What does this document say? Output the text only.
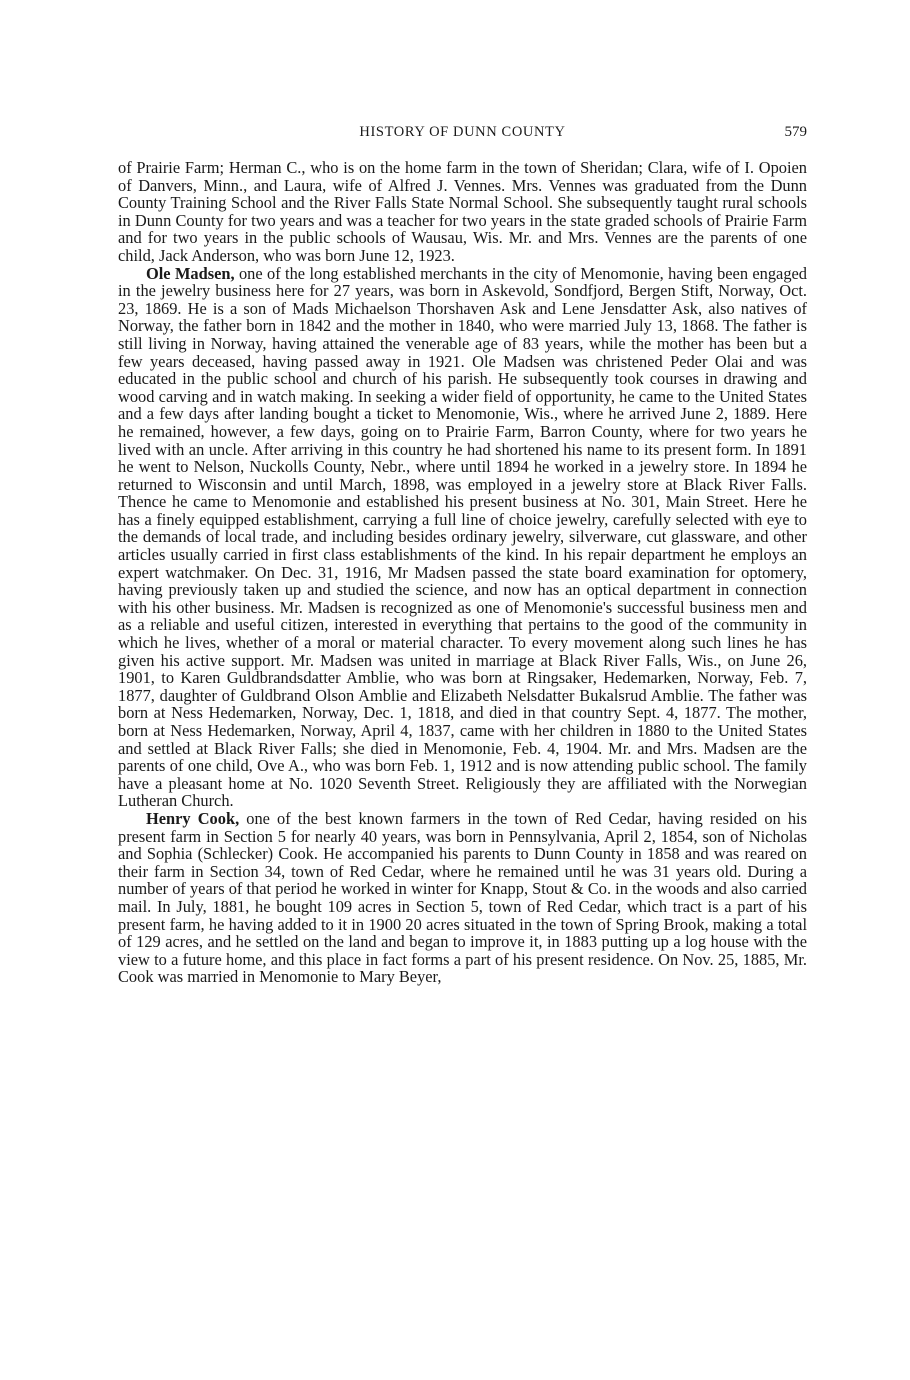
HISTORY OF DUNN COUNTY	579

of Prairie Farm; Herman C., who is on the home farm in the town of Sheridan; Clara, wife of I. Opoien of Danvers, Minn., and Laura, wife of Alfred J. Vennes. Mrs. Vennes was graduated from the Dunn County Training School and the River Falls State Normal School. She subsequently taught rural schools in Dunn County for two years and was a teacher for two years in the state graded schools of Prairie Farm and for two years in the public schools of Wausau, Wis. Mr. and Mrs. Vennes are the parents of one child, Jack Anderson, who was born June 12, 1923.

Ole Madsen, one of the long established merchants in the city of Menomonie, having been engaged in the jewelry business here for 27 years, was born in Askevold, Sondfjord, Bergen Stift, Norway, Oct. 23, 1869. He is a son of Mads Michaelson Thorshaven Ask and Lene Jensdatter Ask, also natives of Norway, the father born in 1842 and the mother in 1840, who were married July 13, 1868. The father is still living in Norway, having attained the venerable age of 83 years, while the mother has been but a few years deceased, having passed away in 1921. Ole Madsen was christened Peder Olai and was educated in the public school and church of his parish. He subsequently took courses in drawing and wood carving and in watch making. In seeking a wider field of opportunity, he came to the United States and a few days after landing bought a ticket to Menomonie, Wis., where he arrived June 2, 1889. Here he remained, however, a few days, going on to Prairie Farm, Barron County, where for two years he lived with an uncle. After arriving in this country he had shortened his name to its present form. In 1891 he went to Nelson, Nuckolls County, Nebr., where until 1894 he worked in a jewelry store. In 1894 he returned to Wisconsin and until March, 1898, was employed in a jewelry store at Black River Falls. Thence he came to Menomonie and established his present business at No. 301, Main Street. Here he has a finely equipped establishment, carrying a full line of choice jewelry, carefully selected with eye to the demands of local trade, and including besides ordinary jewelry, silverware, cut glassware, and other articles usually carried in first class establishments of the kind. In his repair department he employs an expert watchmaker. On Dec. 31, 1916, Mr Madsen passed the state board examination for optomery, having previously taken up and studied the science, and now has an optical department in connection with his other business. Mr. Madsen is recognized as one of Menomonie's successful business men and as a reliable and useful citizen, interested in everything that pertains to the good of the community in which he lives, whether of a moral or material character. To every movement along such lines he has given his active support. Mr. Madsen was united in marriage at Black River Falls, Wis., on June 26, 1901, to Karen Guldbrandsdatter Amblie, who was born at Ringsaker, Hedemarken, Norway, Feb. 7, 1877, daughter of Guldbrand Olson Amblie and Elizabeth Nelsdatter Bukalsrud Amblie. The father was born at Ness Hedemarken, Norway, Dec. 1, 1818, and died in that country Sept. 4, 1877. The mother, born at Ness Hedemarken, Norway, April 4, 1837, came with her children in 1880 to the United States and settled at Black River Falls; she died in Menomonie, Feb. 4, 1904. Mr. and Mrs. Madsen are the parents of one child, Ove A., who was born Feb. 1, 1912 and is now attending public school. The family have a pleasant home at No. 1020 Seventh Street. Religiously they are affiliated with the Norwegian Lutheran Church.

Henry Cook, one of the best known farmers in the town of Red Cedar, having resided on his present farm in Section 5 for nearly 40 years, was born in Pennsylvania, April 2, 1854, son of Nicholas and Sophia (Schlecker) Cook. He accompanied his parents to Dunn County in 1858 and was reared on their farm in Section 34, town of Red Cedar, where he remained until he was 31 years old. During a number of years of that period he worked in winter for Knapp, Stout & Co. in the woods and also carried mail. In July, 1881, he bought 109 acres in Section 5, town of Red Cedar, which tract is a part of his present farm, he having added to it in 1900 20 acres situated in the town of Spring Brook, making a total of 129 acres, and he settled on the land and began to improve it, in 1883 putting up a log house with the view to a future home, and this place in fact forms a part of his present residence. On Nov. 25, 1885, Mr. Cook was married in Menomonie to Mary Beyer,
